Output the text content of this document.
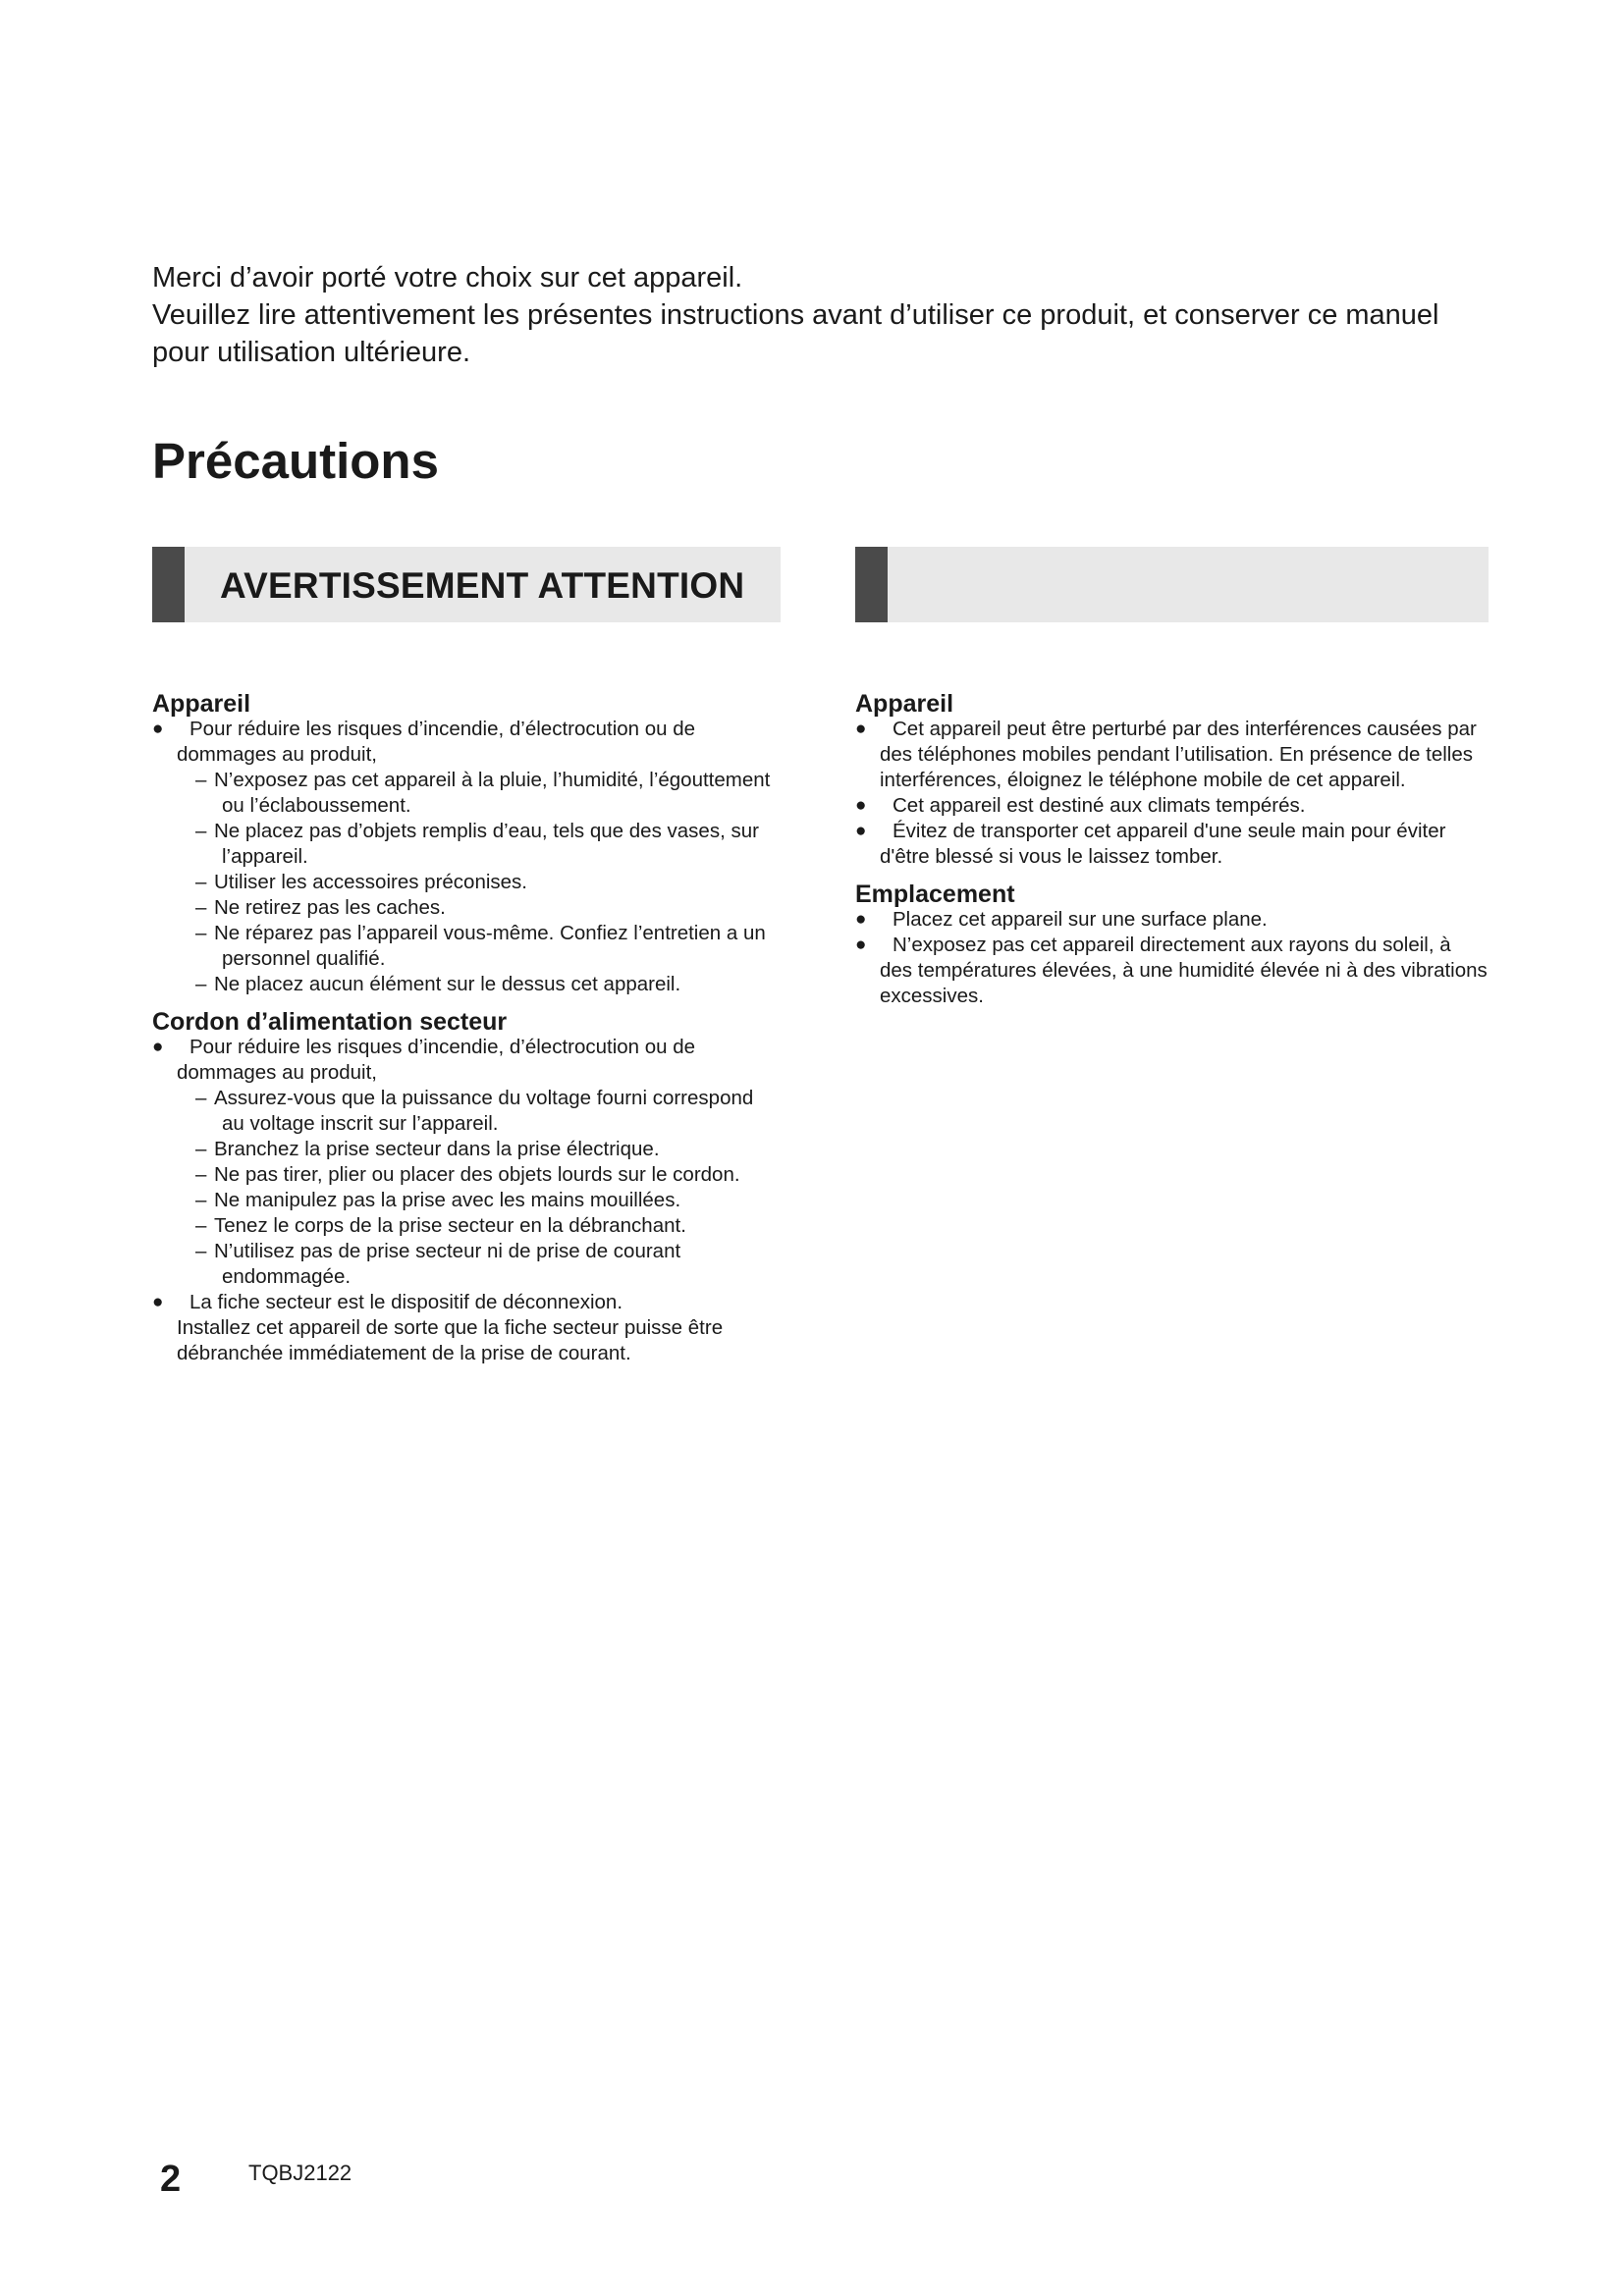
Merci d’avoir porté votre choix sur cet appareil.

Veuillez lire attentivement les présentes instructions avant d’utiliser ce produit, et conserver ce manuel pour utilisation ultérieure.

Précautions
AVERTISSEMENT ATTENTION
Appareil
●	Pour réduire les risques d’incendie, d’électrocution ou de dommages au produit,
– N’exposez pas cet appareil à la pluie, l’humidité, l’égouttement ou l’éclaboussement.
– Ne placez pas d’objets remplis d’eau, tels que des vases, sur l’appareil.
– Utiliser les accessoires préconises.
– Ne retirez pas les caches.
– Ne réparez pas l’appareil vous-même. Confiez l’entretien a un personnel qualifié.
– Ne placez aucun élément sur le dessus cet appareil.
Cordon d’alimentation secteur
●	Pour réduire les risques d’incendie, d’électrocution ou de dommages au produit,
– Assurez-vous que la puissance du voltage fourni correspond au voltage inscrit sur l’appareil.
– Branchez la prise secteur dans la prise électrique.
– Ne pas tirer, plier ou placer des objets lourds sur le cordon.
– Ne manipulez pas la prise avec les mains mouillées.
– Tenez le corps de la prise secteur en la débranchant.
– N’utilisez pas de prise secteur ni de prise de courant endommagée.
●	La fiche secteur est le dispositif de déconnexion.
Installez cet appareil de sorte que la fiche secteur puisse être débranchée immédiatement de la prise de courant.
Appareil
●	Cet appareil peut être perturbé par des interférences causées par des téléphones mobiles pendant l’utilisation. En présence de telles interférences, éloignez le téléphone mobile de cet appareil.
●	Cet appareil est destiné aux climats tempérés.
●	Évitez de transporter cet appareil d'une seule main pour éviter d'être blessé si vous le laissez tomber.
Emplacement
●	Placez cet appareil sur une surface plane.
●	N’exposez pas cet appareil directement aux rayons du soleil, à des températures élevées, à une humidité élevée ni à des vibrations excessives.
2	TQBJ2122
